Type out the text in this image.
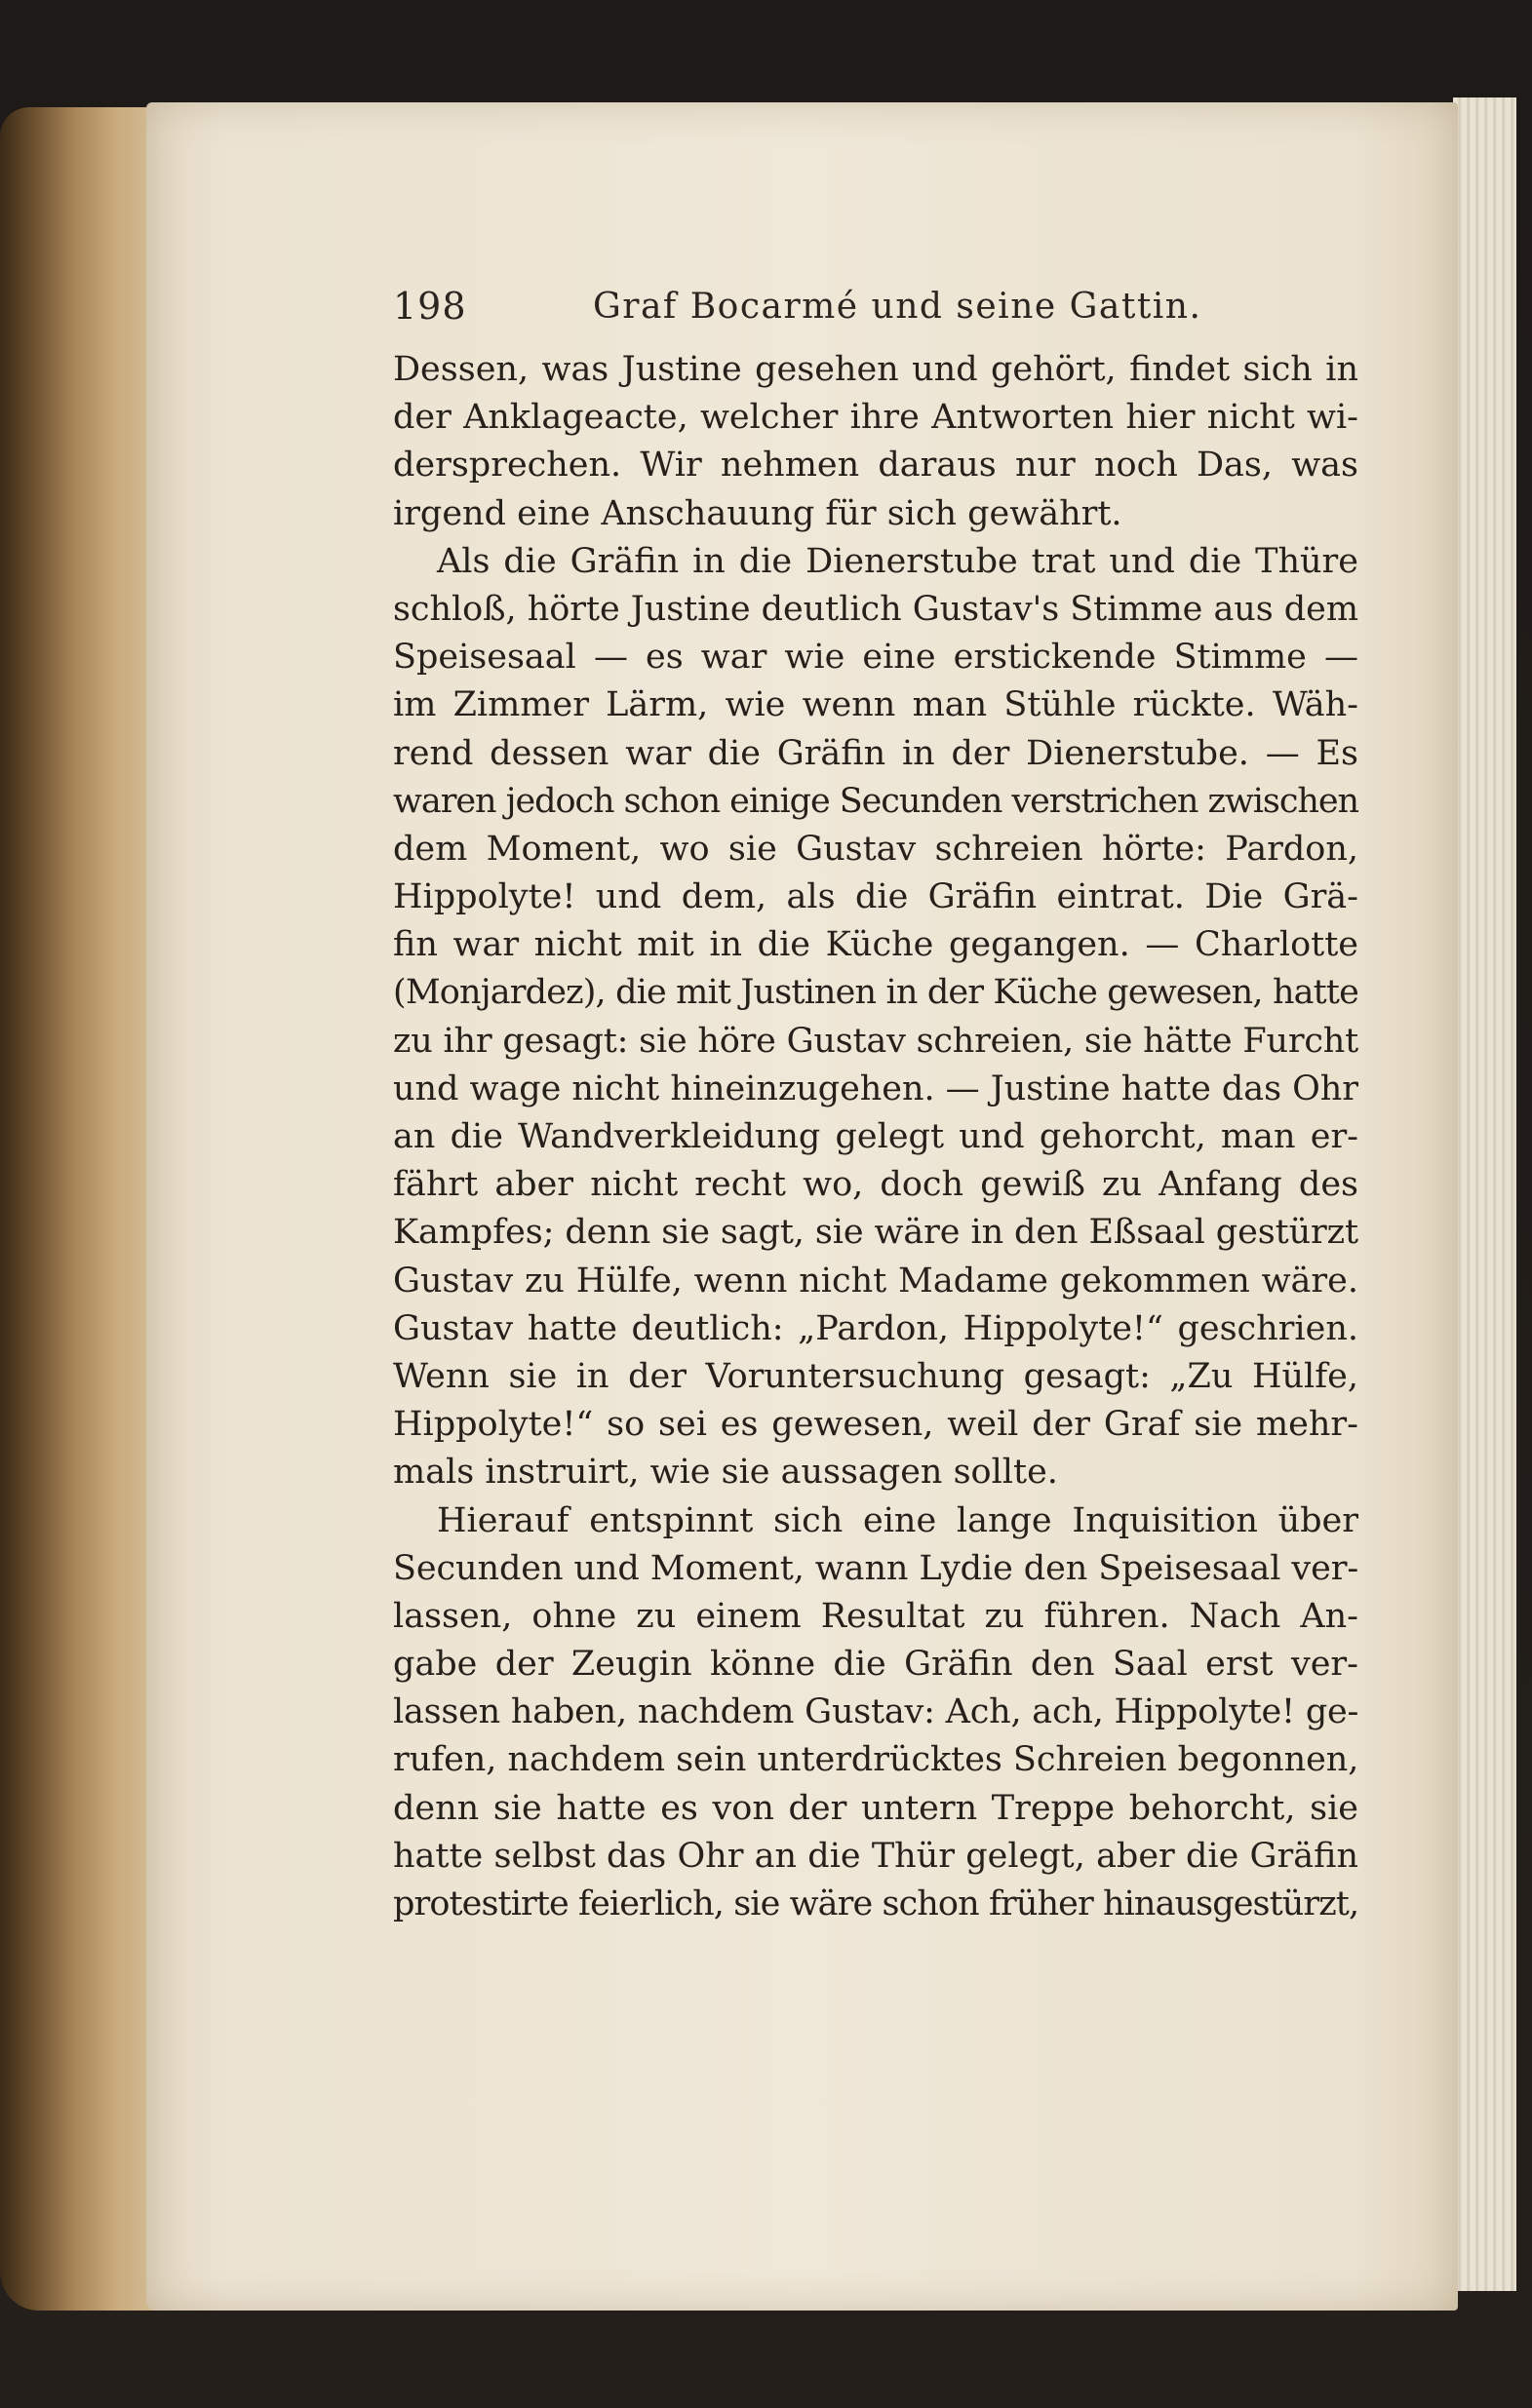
198	Graf Bocarmé und seine Gattin.
Dessen, was Justine gesehen und gehört, findet sich in
der Anklageacte, welcher ihre Antworten hier nicht wi-
dersprechen. Wir nehmen daraus nur noch Das, was
irgend eine Anschauung für sich gewährt.
Als die Gräfin in die Dienerstube trat und die Thüre
schloß, hörte Justine deutlich Gustav's Stimme aus dem
Speisesaal — es war wie eine erstickende Stimme —
im Zimmer Lärm, wie wenn man Stühle rückte. Wäh-
rend dessen war die Gräfin in der Dienerstube. — Es
waren jedoch schon einige Secunden verstrichen zwischen
dem Moment, wo sie Gustav schreien hörte: Pardon,
Hippolyte! und dem, als die Gräfin eintrat. Die Grä-
fin war nicht mit in die Küche gegangen. — Charlotte
(Monjardez), die mit Justinen in der Küche gewesen, hatte
zu ihr gesagt: sie höre Gustav schreien, sie hätte Furcht
und wage nicht hineinzugehen. — Justine hatte das Ohr
an die Wandverkleidung gelegt und gehorcht, man er-
fährt aber nicht recht wo, doch gewiß zu Anfang des
Kampfes; denn sie sagt, sie wäre in den Eßsaal gestürzt
Gustav zu Hülfe, wenn nicht Madame gekommen wäre.
Gustav hatte deutlich: „Pardon, Hippolyte!“ geschrien.
Wenn sie in der Voruntersuchung gesagt: „Zu Hülfe,
Hippolyte!“ so sei es gewesen, weil der Graf sie mehr-
mals instruirt, wie sie aussagen sollte.
Hierauf entspinnt sich eine lange Inquisition über
Secunden und Moment, wann Lydie den Speisesaal ver-
lassen, ohne zu einem Resultat zu führen. Nach An-
gabe der Zeugin könne die Gräfin den Saal erst ver-
lassen haben, nachdem Gustav: Ach, ach, Hippolyte! ge-
rufen, nachdem sein unterdrücktes Schreien begonnen,
denn sie hatte es von der untern Treppe behorcht, sie
hatte selbst das Ohr an die Thür gelegt, aber die Gräfin
protestirte feierlich, sie wäre schon früher hinausgestürzt,
